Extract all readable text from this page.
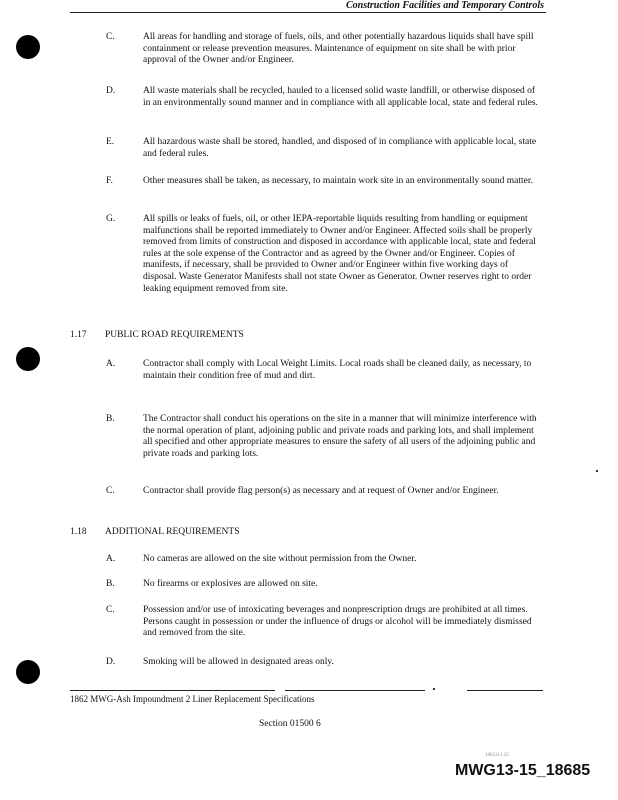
Construction Facilities and Temporary Controls
C.	All areas for handling and storage of fuels, oils, and other potentially hazardous liquids shall have spill containment or release prevention measures. Maintenance of equipment on site shall be with prior approval of the Owner and/or Engineer.
D.	All waste materials shall be recycled, hauled to a licensed solid waste landfill, or otherwise disposed of in an environmentally sound manner and in compliance with all applicable local, state and federal rules.
E.	All hazardous waste shall be stored, handled, and disposed of in compliance with applicable local, state and federal rules.
F.	Other measures shall be taken, as necessary, to maintain work site in an environmentally sound matter.
G.	All spills or leaks of fuels, oil, or other IEPA-reportable liquids resulting from handling or equipment malfunctions shall be reported immediately to Owner and/or Engineer. Affected soils shall be properly removed from limits of construction and disposed in accordance with applicable local, state and federal rules at the sole expense of the Contractor and as agreed by the Owner and/or Engineer. Copies of manifests, if necessary, shall be provided to Owner and/or Engineer within five working days of disposal. Waste Generator Manifests shall not state Owner as Generator. Owner reserves right to order leaking equipment removed from site.
1.17 PUBLIC ROAD REQUIREMENTS
A.	Contractor shall comply with Local Weight Limits. Local roads shall be cleaned daily, as necessary, to maintain their condition free of mud and dirt.
B.	The Contractor shall conduct his operations on the site in a manner that will minimize interference with the normal operation of plant, adjoining public and private roads and parking lots, and shall implement all specified and other appropriate measures to ensure the safety of all users of the adjoining public and private roads and parking lots.
C.	Contractor shall provide flag person(s) as necessary and at request of Owner and/or Engineer.
1.18 ADDITIONAL REQUIREMENTS
A.	No cameras are allowed on the site without permission from the Owner.
B.	No firearms or explosives are allowed on site.
C.	Possession and/or use of intoxicating beverages and nonprescription drugs are prohibited at all times. Persons caught in possession or under the influence of drugs or alcohol will be immediately dismissed and removed from the site.
D.	Smoking will be allowed in designated areas only.
1862 MWG-Ash Impoundment 2 Liner Replacement Specifications
Section 01500 6
1862.0.1.15
MWG13-15_18685
